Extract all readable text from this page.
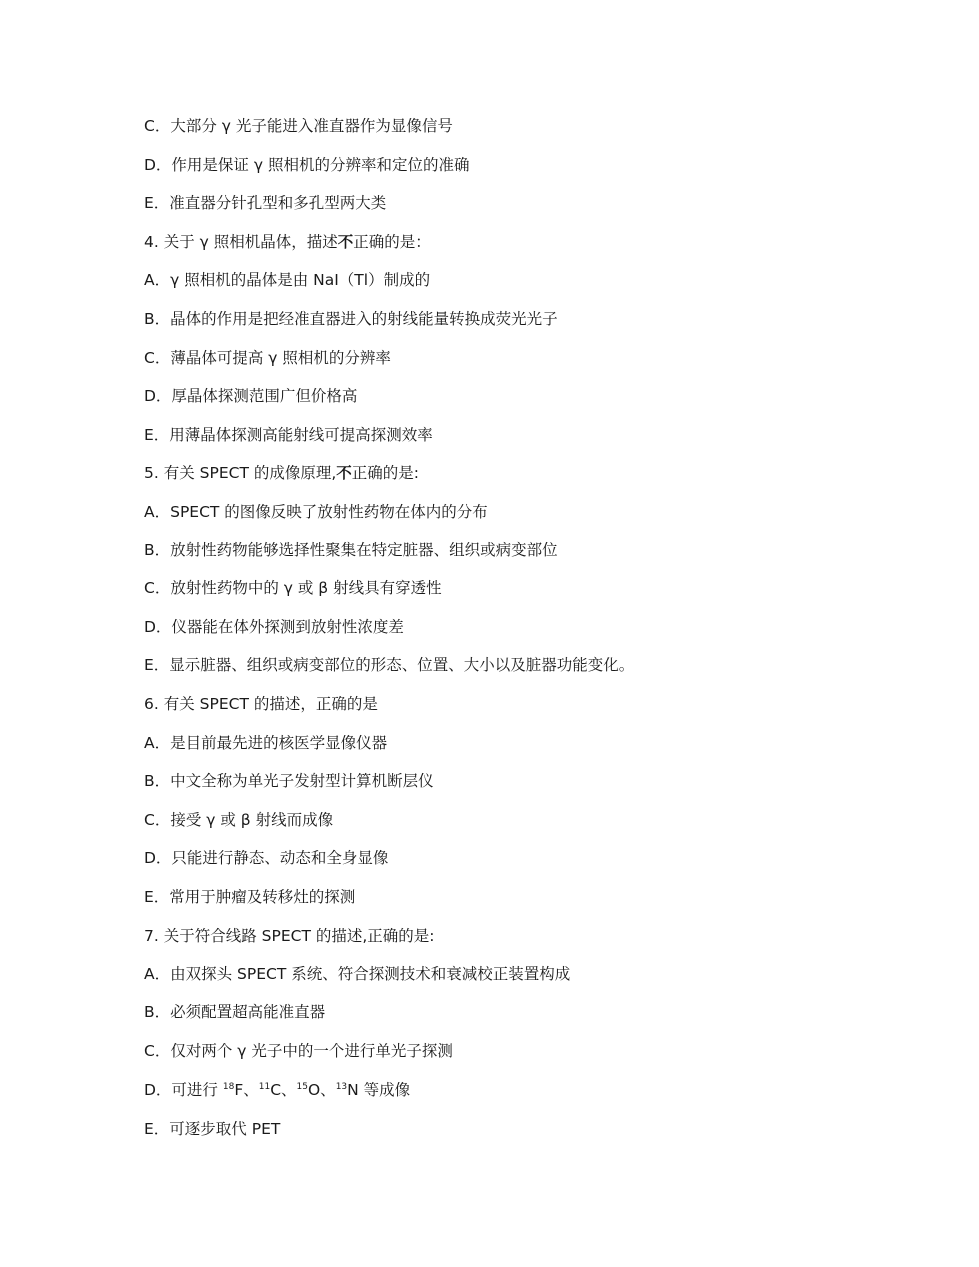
C．大部分 γ 光子能进入准直器作为显像信号
D．作用是保证 γ 照相机的分辨率和定位的准确
E．准直器分针孔型和多孔型两大类
4. 关于 γ 照相机晶体，描述不正确的是：
A．γ 照相机的晶体是由 NaI（Tl）制成的
B．晶体的作用是把经准直器进入的射线能量转换成荧光光子
C．薄晶体可提高 γ 照相机的分辨率
D．厚晶体探测范围广但价格高
E．用薄晶体探测高能射线可提高探测效率
5. 有关 SPECT 的成像原理,不正确的是:
A．SPECT 的图像反映了放射性药物在体内的分布
B．放射性药物能够选择性聚集在特定脏器、组织或病变部位
C．放射性药物中的 γ 或 β 射线具有穿透性
D．仪器能在体外探测到放射性浓度差
E．显示脏器、组织或病变部位的形态、位置、大小以及脏器功能变化。
6. 有关 SPECT 的描述，正确的是
A．是目前最先进的核医学显像仪器
B．中文全称为单光子发射型计算机断层仪
C．接受 γ 或 β 射线而成像
D．只能进行静态、动态和全身显像
E．常用于肿瘤及转移灶的探测
7. 关于符合线路 SPECT 的描述,正确的是:
A．由双探头 SPECT 系统、符合探测技术和衰减校正装置构成
B．必须配置超高能准直器
C．仅对两个 γ 光子中的一个进行单光子探测
D．可进行 $^{18}$F、$^{11}$C、$^{15}$O、$^{13}$N 等成像
E．可逐步取代 PET
